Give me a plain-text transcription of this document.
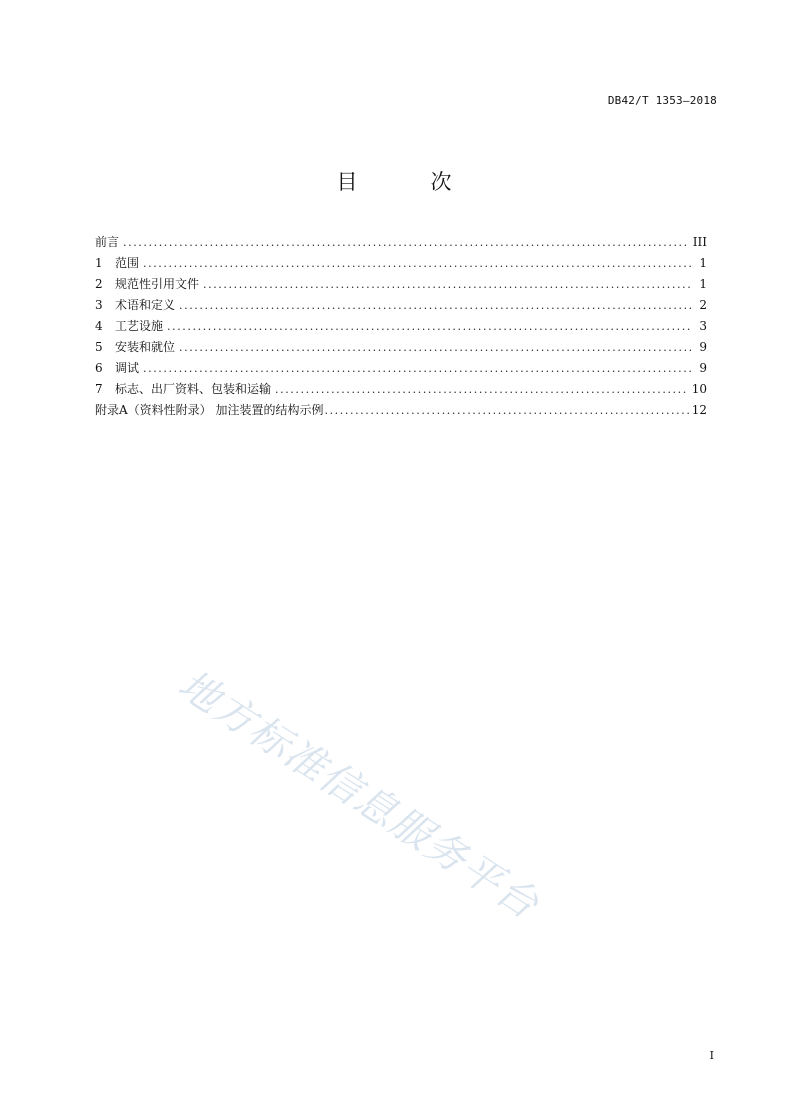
DB42/T 1353—2018
目　次
前言 .....	III
1	范围 .....	1
2	规范性引用文件 .....	1
3	术语和定义 .....	2
4	工艺设施 .....	3
5	安装和就位 .....	9
6	调试 .....	9
7	标志、出厂资料、包装和运输 .....	10
附录A（资料性附录） 加注装置的结构示例 .....	12
地方标准信息服务平台
I
